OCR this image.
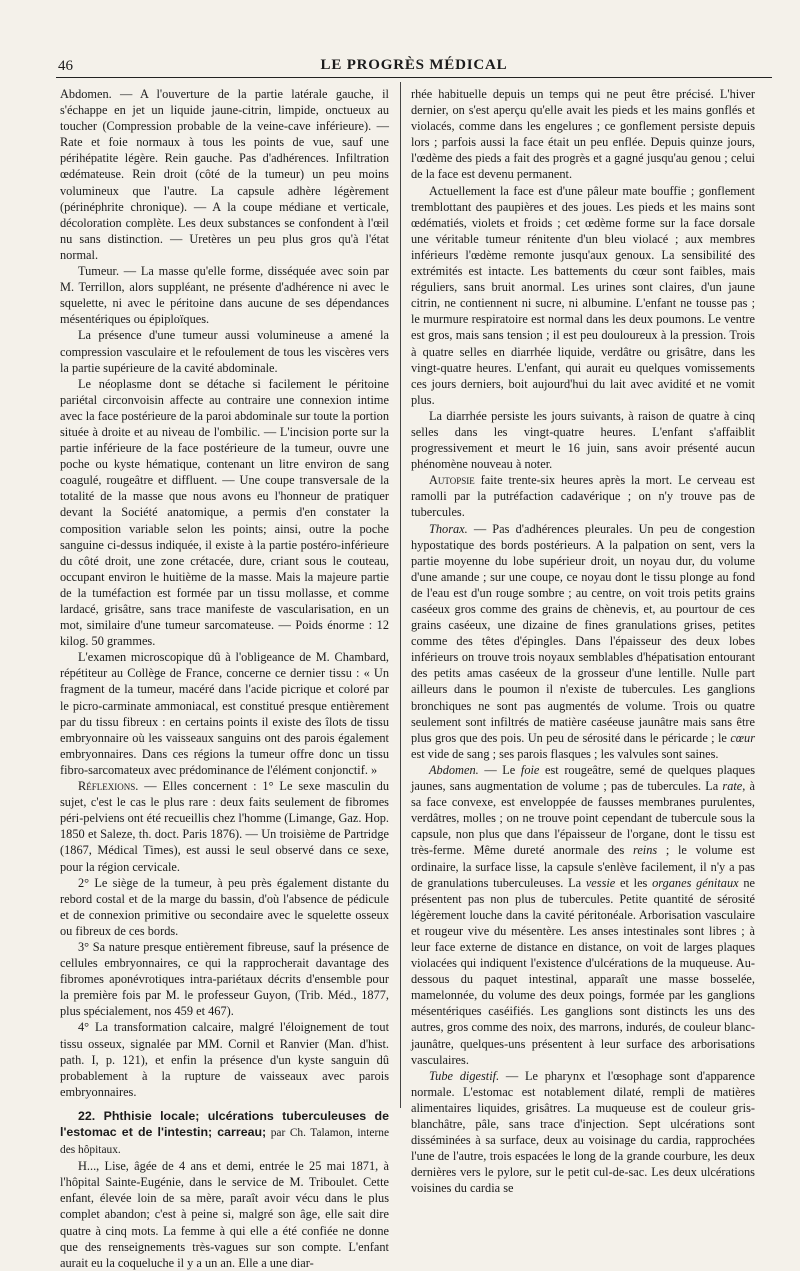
46	LE PROGRÈS MÉDICAL

Abdomen. — A l'ouverture de la partie latérale gauche, il s'échappe en jet un liquide jaune-citrin, limpide, onctueux au toucher (Compression probable de la veine-cave inférieure). — Rate et foie normaux à tous les points de vue, sauf une périhépatite légère. Rein gauche. Pas d'adhérences. Infiltration œdémateuse. Rein droit (côté de la tumeur) un peu moins volumineux que l'autre. La capsule adhère légèrement (périnéphrite chronique). — A la coupe médiane et verticale, décoloration complète. Les deux substances se confondent à l'œil nu sans distinction. — Uretères un peu plus gros qu'à l'état normal.

Tumeur. — La masse qu'elle forme, disséquée avec soin par M. Terrillon, alors suppléant, ne présente d'adhérence ni avec le squelette, ni avec le péritoine dans aucune de ses dépendances mésentériques ou épiploïques.

La présence d'une tumeur aussi volumineuse a amené la compression vasculaire et le refoulement de tous les viscères vers la partie supérieure de la cavité abdominale.

Le néoplasme dont se détache si facilement le péritoine pariétal circonvoisin affecte au contraire une connexion intime avec la face postérieure de la paroi abdominale sur toute la portion située à droite et au niveau de l'ombilic. — L'incision porte sur la partie inférieure de la face postérieure de la tumeur, ouvre une poche ou kyste hématique, contenant un litre environ de sang coagulé, rougeâtre et diffluent. — Une coupe transversale de la totalité de la masse que nous avons eu l'honneur de pratiquer devant la Société anatomique, a permis d'en constater la composition variable selon les points; ainsi, outre la poche sanguine ci-dessus indiquée, il existe à la partie postéro-inférieure du côté droit, une zone crétacée, dure, criant sous le couteau, occupant environ le huitième de la masse. Mais la majeure partie de la tuméfaction est formée par un tissu mollasse, et comme lardacé, grisâtre, sans trace manifeste de vascularisation, en un mot, similaire d'une tumeur sarcomateuse. — Poids énorme : 12 kilog. 50 grammes.

L'examen microscopique dû à l'obligeance de M. Chambard, répétiteur au Collège de France, concerne ce dernier tissu : « Un fragment de la tumeur, macéré dans l'acide picrique et coloré par le picro-carminate ammoniacal, est constitué presque entièrement par du tissu fibreux : en certains points il existe des îlots de tissu embryonnaire où les vaisseaux sanguins ont des parois également embryonnaires. Dans ces régions la tumeur offre donc un tissu fibro-sarcomateux avec prédominance de l'élément conjonctif. »

Réflexions. — Elles concernent : 1° Le sexe masculin du sujet, c'est le cas le plus rare : deux faits seulement de fibromes péri-pelviens ont été recueillis chez l'homme (Limange, Gaz. Hop. 1850 et Saleze, th. doct. Paris 1876). — Un troisième de Partridge (1867, Médical Times), est aussi le seul observé dans ce sexe, pour la région cervicale.

2° Le siège de la tumeur, à peu près également distante du rebord costal et de la marge du bassin, d'où l'absence de pédicule et de connexion primitive ou secondaire avec le squelette osseux ou fibreux de ces bords.

3° Sa nature presque entièrement fibreuse, sauf la présence de cellules embryonnaires, ce qui la rapprocherait davantage des fibromes aponévrotiques intra-pariétaux décrits d'ensemble pour la première fois par M. le professeur Guyon, (Trib. Méd., 1877, plus spécialement, nos 459 et 467).

4° La transformation calcaire, malgré l'éloignement de tout tissu osseux, signalée par MM. Cornil et Ranvier (Man. d'hist. path. I, p. 121), et enfin la présence d'un kyste sanguin dû probablement à la rupture de vaisseaux avec parois embryonnaires.

22. Phthisie locale; ulcérations tuberculeuses de l'estomac et de l'intestin; carreau; par Ch. Talamon, interne des hôpitaux.

H..., Lise, âgée de 4 ans et demi, entrée le 25 mai 1871, à l'hôpital Sainte-Eugénie, dans le service de M. Triboulet. Cette enfant, élevée loin de sa mère, paraît avoir vécu dans le plus complet abandon; c'est à peine si, malgré son âge, elle sait dire quatre à cinq mots. La femme à qui elle a été confiée ne donne que des renseignements très-vagues sur son compte. L'enfant aurait eu la coqueluche il y a un an. Elle a une diar-

rhée habituelle depuis un temps qui ne peut être précisé. L'hiver dernier, on s'est aperçu qu'elle avait les pieds et les mains gonflés et violacés, comme dans les engelures ; ce gonflement persiste depuis lors ; parfois aussi la face était un peu enflée. Depuis quinze jours, l'œdème des pieds a fait des progrès et a gagné jusqu'au genou ; celui de la face est devenu permanent.

Actuellement la face est d'une pâleur mate bouffie ; gonflement tremblottant des paupières et des joues. Les pieds et les mains sont œdématiés, violets et froids ; cet œdème forme sur la face dorsale une véritable tumeur rénitente d'un bleu violacé ; aux membres inférieurs l'œdème remonte jusqu'aux genoux. La sensibilité des extrémités est intacte. Les battements du cœur sont faibles, mais réguliers, sans bruit anormal. Les urines sont claires, d'un jaune citrin, ne contiennent ni sucre, ni albumine. L'enfant ne tousse pas ; le murmure respiratoire est normal dans les deux poumons. Le ventre est gros, mais sans tension ; il est peu douloureux à la pression. Trois à quatre selles en diarrhée liquide, verdâtre ou grisâtre, dans les vingt-quatre heures. L'enfant, qui aurait eu quelques vomissements ces jours derniers, boit aujourd'hui du lait avec avidité et ne vomit plus.

La diarrhée persiste les jours suivants, à raison de quatre à cinq selles dans les vingt-quatre heures. L'enfant s'affaiblit progressivement et meurt le 16 juin, sans avoir présenté aucun phénomène nouveau à noter.

Autopsie faite trente-six heures après la mort. Le cerveau est ramolli par la putréfaction cadavérique ; on n'y trouve pas de tubercules.

Thorax. — Pas d'adhérences pleurales. Un peu de congestion hypostatique des bords postérieurs. A la palpation on sent, vers la partie moyenne du lobe supérieur droit, un noyau dur, du volume d'une amande ; sur une coupe, ce noyau dont le tissu plonge au fond de l'eau est d'un rouge sombre ; au centre, on voit trois petits grains caséeux gros comme des grains de chènevis, et, au pourtour de ces grains caséeux, une dizaine de fines granulations grises, petites comme des têtes d'épingles. Dans l'épaisseur des deux lobes inférieurs on trouve trois noyaux semblables d'hépatisation entourant des petits amas caséeux de la grosseur d'une lentille. Nulle part ailleurs dans le poumon il n'existe de tubercules. Les ganglions bronchiques ne sont pas augmentés de volume. Trois ou quatre seulement sont infiltrés de matière caséeuse jaunâtre mais sans être plus gros que des pois. Un peu de sérosité dans le péricarde ; le cœur est vide de sang ; ses parois flasques ; les valvules sont saines.

Abdomen. — Le foie est rougeâtre, semé de quelques plaques jaunes, sans augmentation de volume ; pas de tubercules. La rate, à sa face convexe, est enveloppée de fausses membranes purulentes, verdâtres, molles ; on ne trouve point cependant de tubercule sous la capsule, non plus que dans l'épaisseur de l'organe, dont le tissu est très-ferme. Même dureté anormale des reins ; le volume est ordinaire, la surface lisse, la capsule s'enlève facilement, il n'y a pas de granulations tuberculeuses. La vessie et les organes génitaux ne présentent pas non plus de tubercules. Petite quantité de sérosité légèrement louche dans la cavité péritonéale. Arborisation vasculaire et rougeur vive du mésentère. Les anses intestinales sont libres ; à leur face externe de distance en distance, on voit de larges plaques violacées qui indiquent l'existence d'ulcérations de la muqueuse. Au-dessous du paquet intestinal, apparaît une masse bosselée, mamelonnée, du volume des deux poings, formée par les ganglions mésentériques caséifiés. Les ganglions sont distincts les uns des autres, gros comme des noix, des marrons, indurés, de couleur blanc-jaunâtre, quelques-uns présentent à leur surface des arborisations vasculaires.

Tube digestif. — Le pharynx et l'œsophage sont d'apparence normale. L'estomac est notablement dilaté, rempli de matières alimentaires liquides, grisâtres. La muqueuse est de couleur gris-blanchâtre, pâle, sans trace d'injection. Sept ulcérations sont disséminées à sa surface, deux au voisinage du cardia, rapprochées l'une de l'autre, trois espacées le long de la grande courbure, les deux dernières vers le pylore, sur le petit cul-de-sac. Les deux ulcérations voisines du cardia se
